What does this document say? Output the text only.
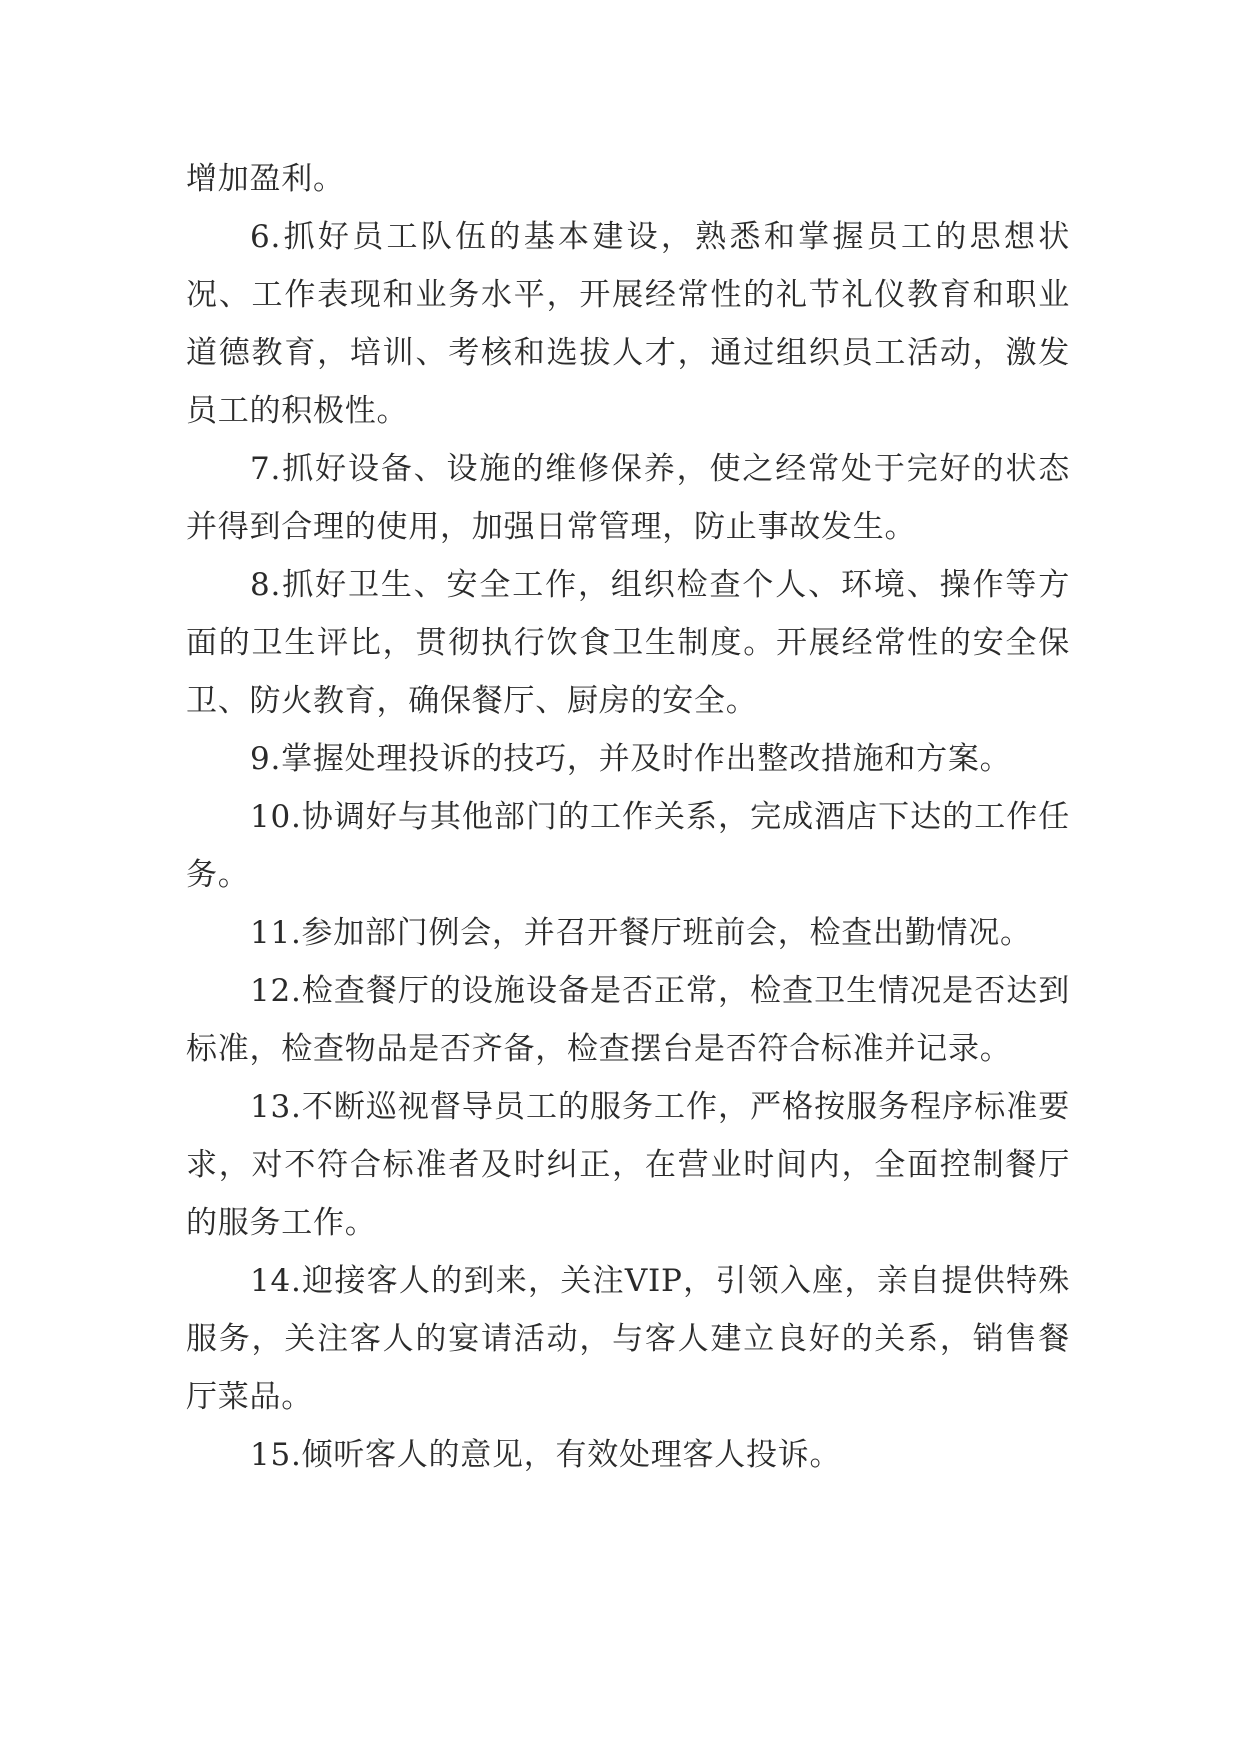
增加盈利。

6.抓好员工队伍的基本建设，熟悉和掌握员工的思想状况、工作表现和业务水平，开展经常性的礼节礼仪教育和职业道德教育，培训、考核和选拔人才，通过组织员工活动，激发员工的积极性。

7.抓好设备、设施的维修保养，使之经常处于完好的状态并得到合理的使用，加强日常管理，防止事故发生。

8.抓好卫生、安全工作，组织检查个人、环境、操作等方面的卫生评比，贯彻执行饮食卫生制度。开展经常性的安全保卫、防火教育，确保餐厅、厨房的安全。

9.掌握处理投诉的技巧，并及时作出整改措施和方案。

10.协调好与其他部门的工作关系，完成酒店下达的工作任务。

11.参加部门例会，并召开餐厅班前会，检查出勤情况。

12.检查餐厅的设施设备是否正常，检查卫生情况是否达到标准，检查物品是否齐备，检查摆台是否符合标准并记录。

13.不断巡视督导员工的服务工作，严格按服务程序标准要求，对不符合标准者及时纠正，在营业时间内，全面控制餐厅的服务工作。

14.迎接客人的到来，关注VIP，引领入座，亲自提供特殊服务，关注客人的宴请活动，与客人建立良好的关系，销售餐厅菜品。

15.倾听客人的意见，有效处理客人投诉。
